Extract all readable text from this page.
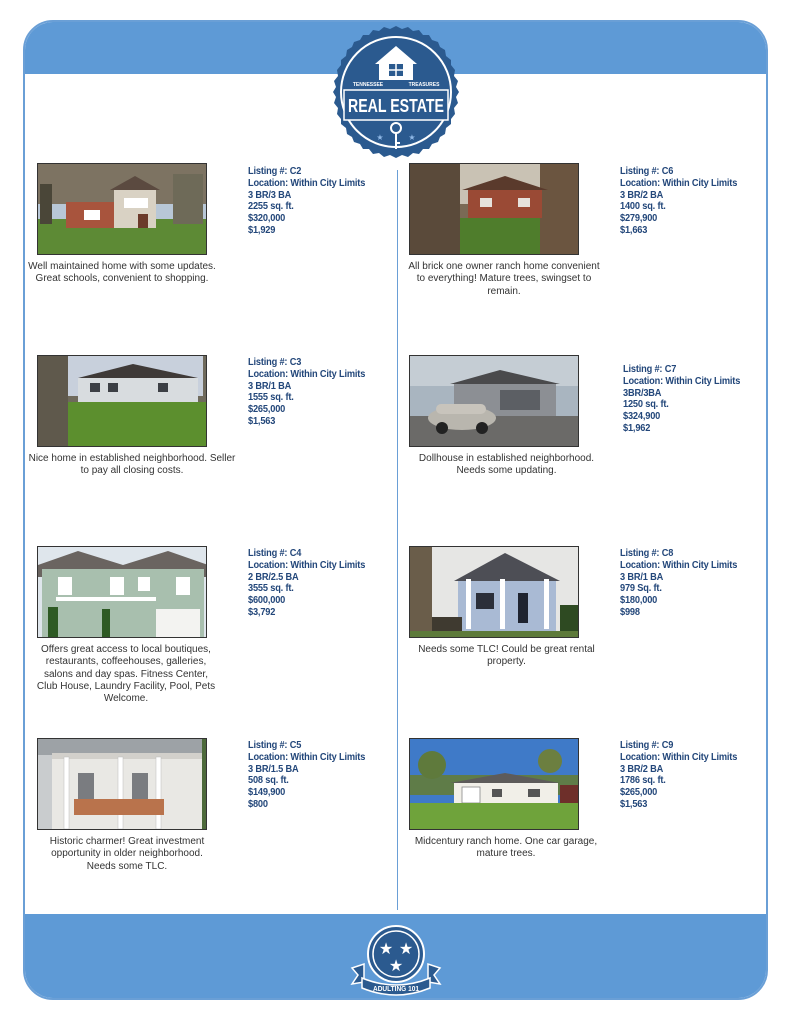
TENNESSEE	TREASURES
REAL ESTATE
★	★
★ ★
★
ADULTING 101
Listing #: C2
Location: Within City Limits
3 BR/3 BA
2255 sq. ft.
$320,000
$1,929
Well maintained home with some updates. Great schools, convenient to shopping.
Listing #: C6
Location: Within City Limits
3 BR/2 BA
1400 sq. ft.
$279,900
$1,663
All brick one owner ranch home convenient to everything! Mature trees, swingset to remain.
Listing #: C3
Location: Within City Limits
3 BR/1 BA
1555 sq. ft.
$265,000
$1,563
Nice home in established neighborhood. Seller to pay all closing costs.
Listing #: C7
Location: Within City Limits
3BR/3BA
1250 sq. ft.
$324,900
$1,962
Dollhouse in established neighborhood. Needs some updating.
Listing #: C4
Location: Within City Limits
2 BR/2.5 BA
3555 sq. ft.
$600,000
$3,792
Offers great access to local boutiques, restaurants, coffeehouses, galleries, salons and day spas. Fitness Center, Club House, Laundry Facility, Pool, Pets Welcome.
Listing #: C8
Location: Within City Limits
3 BR/1 BA
979 Sq. ft.
$180,000
$998
Needs some TLC! Could be great rental property.
Listing #: C5
Location: Within City Limits
3 BR/1.5 BA
508 sq. ft.
$149,900
$800
Historic charmer! Great investment opportunity in older neighborhood. Needs some TLC.
Listing #: C9
Location: Within City Limits
3 BR/2 BA
1786 sq. ft.
$265,000
$1,563
Midcentury ranch home. One car garage, mature trees.
